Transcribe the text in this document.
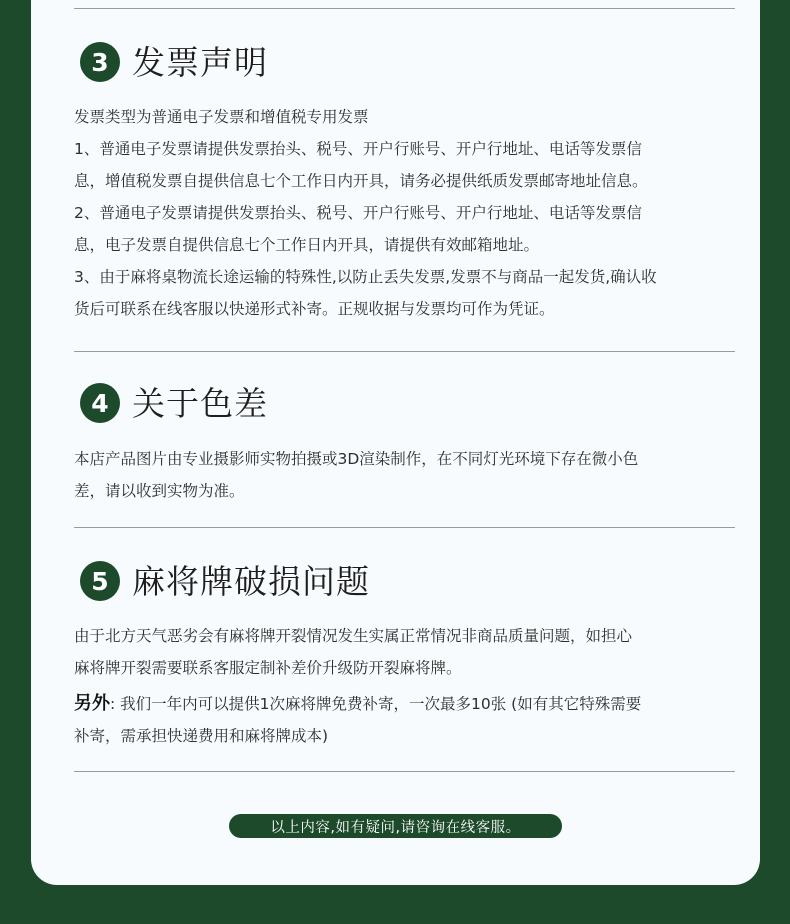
3 发票声明
发票类型为普通电子发票和增值税专用发票
1、普通电子发票请提供发票抬头、税号、开户行账号、开户行地址、电话等发票信
息，增值税发票自提供信息七个工作日内开具，请务必提供纸质发票邮寄地址信息。
2、普通电子发票请提供发票抬头、税号、开户行账号、开户行地址、电话等发票信
息，电子发票自提供信息七个工作日内开具，请提供有效邮箱地址。
3、由于麻将桌物流长途运输的特殊性,以防止丢失发票,发票不与商品一起发货,确认收
货后可联系在线客服以快递形式补寄。正规收据与发票均可作为凭证。
4 关于色差
本店产品图片由专业摄影师实物拍摄或3D渲染制作，在不同灯光环境下存在微小色
差，请以收到实物为准。
5 麻将牌破损问题
由于北方天气恶劣会有麻将牌开裂情况发生实属正常情况非商品质量问题，如担心
麻将牌开裂需要联系客服定制补差价升级防开裂麻将牌。
另外: 我们一年内可以提供1次麻将牌免费补寄，一次最多10张 (如有其它特殊需要
补寄，需承担快递费用和麻将牌成本)
以上内容,如有疑问,请咨询在线客服。
